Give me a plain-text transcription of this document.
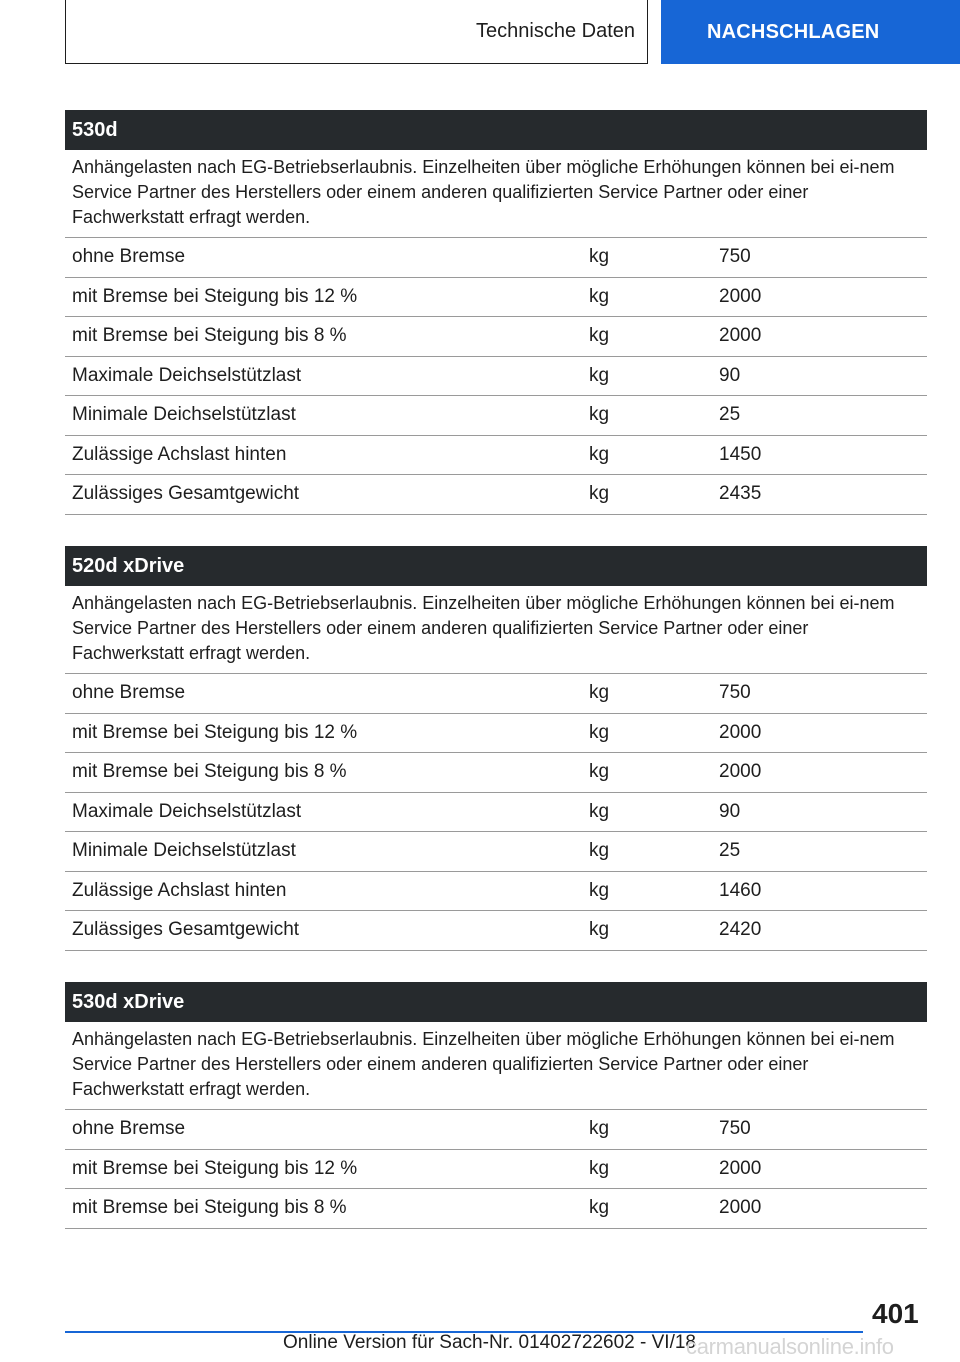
Technische Daten	NACHSCHLAGEN
530d
Anhängelasten nach EG-Betriebserlaubnis. Einzelheiten über mögliche Erhöhungen können bei ei-nem Service Partner des Herstellers oder einem anderen qualifizierten Service Partner oder einer Fachwerkstatt erfragt werden.
ohne Bremse	kg	750
mit Bremse bei Steigung bis 12 %	kg	2000
mit Bremse bei Steigung bis 8 %	kg	2000
Maximale Deichselstützlast	kg	90
Minimale Deichselstützlast	kg	25
Zulässige Achslast hinten	kg	1450
Zulässiges Gesamtgewicht	kg	2435
520d xDrive
Anhängelasten nach EG-Betriebserlaubnis. Einzelheiten über mögliche Erhöhungen können bei ei-nem Service Partner des Herstellers oder einem anderen qualifizierten Service Partner oder einer Fachwerkstatt erfragt werden.
ohne Bremse	kg	750
mit Bremse bei Steigung bis 12 %	kg	2000
mit Bremse bei Steigung bis 8 %	kg	2000
Maximale Deichselstützlast	kg	90
Minimale Deichselstützlast	kg	25
Zulässige Achslast hinten	kg	1460
Zulässiges Gesamtgewicht	kg	2420
530d xDrive
Anhängelasten nach EG-Betriebserlaubnis. Einzelheiten über mögliche Erhöhungen können bei ei-nem Service Partner des Herstellers oder einem anderen qualifizierten Service Partner oder einer Fachwerkstatt erfragt werden.
ohne Bremse	kg	750
mit Bremse bei Steigung bis 12 %	kg	2000
mit Bremse bei Steigung bis 8 %	kg	2000
401
Online Version für Sach-Nr. 01402722602 - VI/18
carmanualsonline.info
